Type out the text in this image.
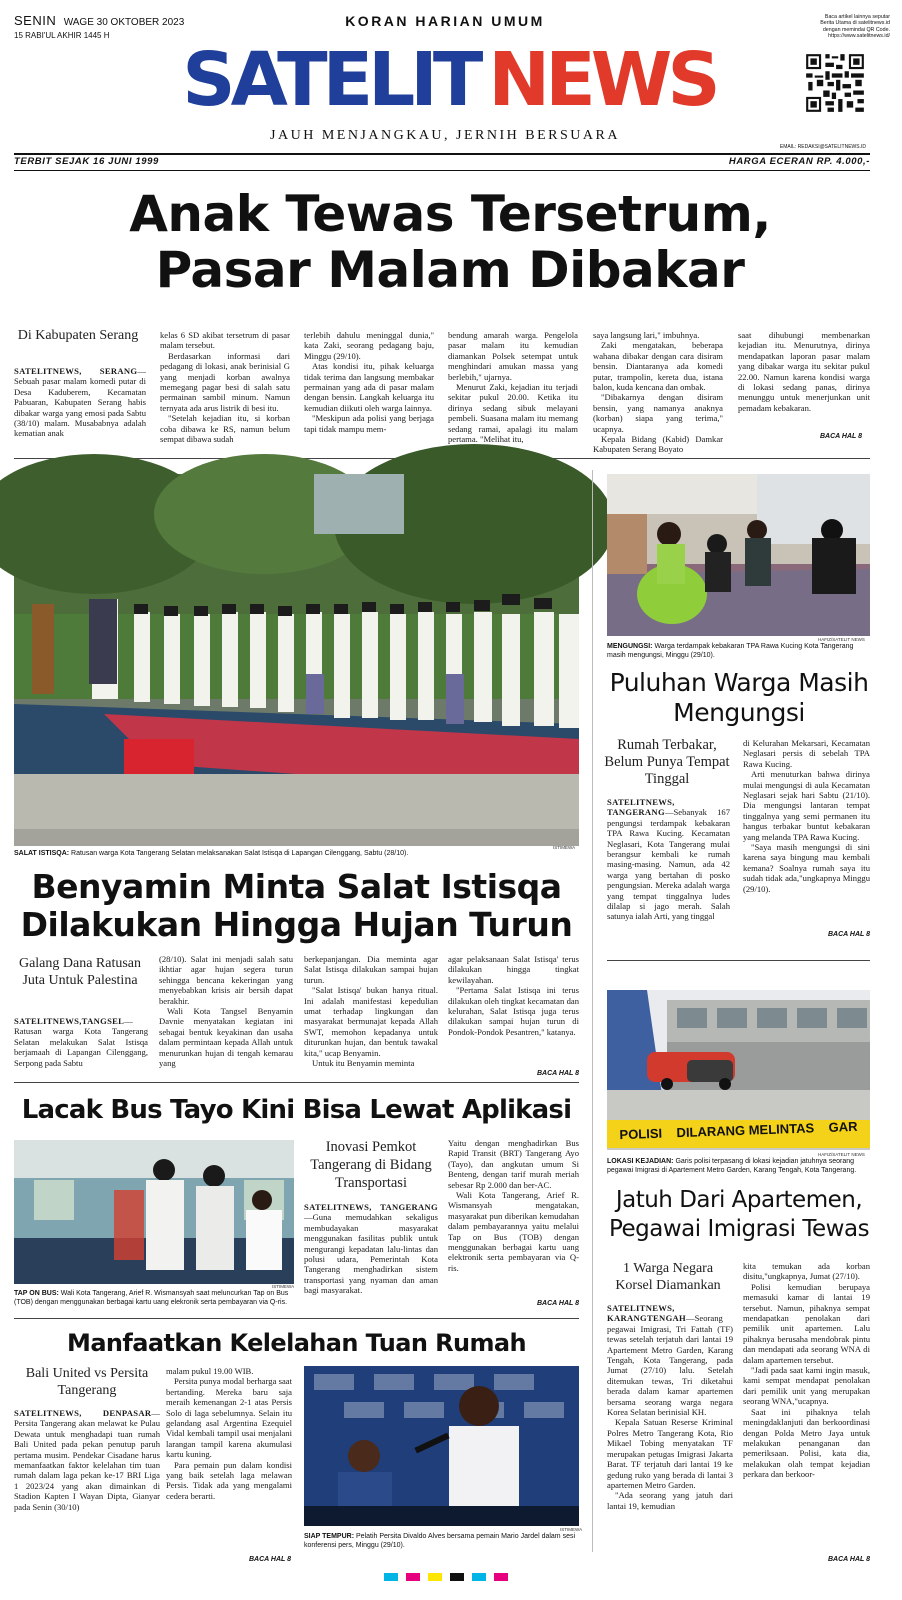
SENIN WAGE 30 OKTOBER 2023
15 RABI'UL AKHIR 1445 H
KORAN HARIAN UMUM
SATELIT NEWS
JAUH MENJANGKAU, JERNIH BERSUARA
Baca artikel lainnya seputar
Berita Utama di satelitnews.id
dengan memindai QR Code.
https://www.satelitnews.id/
EMAIL: REDAKSI@SATELITNEWS.ID
TERBIT SEJAK 16 JUNI 1999	HARGA ECERAN RP. 4.000,-
Anak Tewas Tersetrum,
Pasar Malam Dibakar
Di Kabupaten Serang

SATELITNEWS, SERANG—Sebuah pasar malam komedi putar di Desa Kaduberem, Kecamatan Pabuaran, Kabupaten Serang habis dibakar warga yang emosi pada Sabtu (38/10) malam. Musababnya adalah kematian anak

kelas 6 SD akibat tersetrum di pasar malam tersebut.

Berdasarkan informasi dari pedagang di lokasi, anak berinisial G yang menjadi korban awalnya memegang pagar besi di salah satu permainan sambil minum. Namun ternyata ada arus listrik di besi itu.

"Setelah kejadian itu, si korban coba dibawa ke RS, namun belum sempat dibawa sudah

terlebih dahulu meninggal dunia," kata Zaki, seorang pedagang baju, Minggu (29/10).

Atas kondisi itu, pihak keluarga tidak terima dan langsung membakar permainan yang ada di pasar malam dengan bensin. Langkah keluarga itu kemudian diikuti oleh warga lainnya.

"Meskipun ada polisi yang berjaga tapi tidak mampu mem-

bendung amarah warga. Pengelola pasar malam itu kemudian diamankan Polsek setempat untuk menghindari amukan massa yang berlebih," ujarnya.

Menurut Zaki, kejadian itu terjadi sekitar pukul 20.00. Ketika itu dirinya sedang sibuk melayani pembeli. Suasana malam itu memang sedang ramai, apalagi itu malam pertama. "Melihat itu,

saya langsung lari," imbuhnya.

Zaki mengatakan, beberapa wahana dibakar dengan cara disiram bensin. Diantaranya ada komedi putar, trampolin, kereta dua, istana balon, kuda kencana dan ombak.

"Dibakarnya dengan disiram bensin, yang namanya anaknya (korban) siapa yang terima," ucapnya.

Kepala Bidang (Kabid) Damkar Kabupaten Serang Boyato

saat dihubungi membenarkan kejadian itu. Menurutnya, dirinya mendapatkan laporan pasar malam yang dibakar warga itu sekitar pukul 22.00. Namun karena kondisi warga di lokasi sedang panas, dirinya menunggu untuk menerjunkan unit pemadam kebakaran.

BACA HAL 8
SALAT ISTISQA: Ratusan warga Kota Tangerang Selatan melaksanakan Salat Istisqa di Lapangan Cilenggang, Sabtu (28/10).
ISTIMEWA
Benyamin Minta Salat Istisqa
Dilakukan Hingga Hujan Turun
Galang Dana Ratusan Juta Untuk Palestina

SATELITNEWS,TANGSEL—Ratusan warga Kota Tangerang Selatan melakukan Salat Istisqa berjamaah di Lapangan Cilenggang, Serpong pada Sabtu

(28/10). Salat ini menjadi salah satu ikhtiar agar hujan segera turun sehingga bencana kekeringan yang menyebabkan krisis air bersih dapat berakhir.

Wali Kota Tangsel Benyamin Davnie menyatakan kegiatan ini sebagai bentuk keyakinan dan usaha dalam permintaan kepada Allah untuk menurunkan hujan di tengah kemarau yang

berkepanjangan. Dia meminta agar Salat Istisqa dilakukan sampai hujan turun.

"Salat Istisqa' bukan hanya ritual. Ini adalah manifestasi kepedulian umat terhadap lingkungan dan masyarakat bermunajat kepada Allah SWT, memohon kepadanya untuk diturunkan hujan, dan bentuk tawakal kita," ucap Benyamin.

Untuk itu Benyamin meminta

agar pelaksanaan Salat Istisqa' terus dilakukan hingga tingkat kewilayahan.

"Pertama Salat Istisqa ini terus dilakukan oleh tingkat kecamatan dan kelurahan, Salat Istisqa juga terus dilakukan sampai hujan turun di Pondok-Pondok Pesantren," katanya.

BACA HAL 8
HAFIZ/SATELIT NEWS
MENGUNGSI: Warga terdampak kebakaran TPA Rawa Kucing Kota Tangerang masih mengungsi, Minggu (29/10).
Puluhan Warga Masih
Mengungsi
Rumah Terbakar, Belum Punya Tempat Tinggal

SATELITNEWS, TANGERANG—Sebanyak 167 pengungsi terdampak kebakaran TPA Rawa Kucing. Kecamatan Neglasari, Kota Tangerang mulai berangsur kembali ke rumah masing-masing. Namun, ada 42 warga yang bertahan di posko pengungsian. Mereka adalah warga yang tempat tinggalnya ludes dilalap si jago merah. Salah satunya ialah Arti, yang tinggal

di Kelurahan Mekarsari, Kecamatan Neglasari persis di sebelah TPA Rawa Kucing.

Arti menuturkan bahwa dirinya mulai mengungsi di aula Kecamatan Neglasari sejak hari Sabtu (21/10). Dia mengungsi lantaran tempat tinggalnya yang semi permanen itu hangus terbakar buntut kebakaran yang melanda TPA Rawa Kucing.

"Saya masih mengungsi di sini karena saya bingung mau kembali kemana? Soalnya rumah saya itu sudah tidak ada,"ungkapnya Minggu (29/10).

BACA HAL 8
POLISI    DILARANG MELINTAS    GAR
HAFIZ/SATELIT NEWS
LOKASI KEJADIAN: Garis polisi terpasang di lokasi kejadian jatuhnya seorang pegawai Imigrasi di Apartement Metro Garden, Karang Tengah, Kota Tangerang.
Jatuh Dari Apartemen,
Pegawai Imigrasi Tewas
1 Warga Negara Korsel Diamankan

SATELITNEWS, KARANGTENGAH—Seorang pegawai Imigrasi, Tri Fattah (TF) tewas setelah terjatuh dari lantai 19 Apartement Metro Garden, Karang Tengah, Kota Tangerang, pada Jumat (27/10) lalu. Setelah ditemukan tewas, Tri diketahui berada dalam kamar apartemen bersama seorang warga negara Korea Selatan berinisial KH.

Kepala Satuan Reserse Kriminal Polres Metro Tangerang Kota, Rio Mikael Tobing menyatakan TF merupakan petugas Imigrasi Jakarta Barat. TF terjatuh dari lantai 19 ke gedung ruko yang berada di lantai 3 apartemen Metro Garden.

"Ada seorang yang jatuh dari lantai 19, kemudian

kita temukan ada korban disitu,"ungkapnya, Jumat (27/10).

Polisi kemudian berupaya memasuki kamar di lantai 19 tersebut. Namun, pihaknya sempat mendapatkan penolakan dari pemilik unit apartemen. Lalu pihaknya berusaha mendobrak pintu dan mendapati ada seorang WNA di dalam apartemen tersebut.

"Jadi pada saat kami ingin masuk, kami sempat mendapat penolakan dari pemilik unit yang merupakan seorang WNA,"ucapnya.

Saat ini pihaknya telah meningdaklanjuti dan berkoordinasi dengan Polda Metro Jaya untuk melakukan penanganan dan pemeriksaan. Polisi, kata dia, melakukan olah tempat kejadian perkara dan berkoor-

BACA HAL 8
Lacak Bus Tayo Kini Bisa Lewat Aplikasi
ISTIMEWA
TAP ON BUS: Wali Kota Tangerang, Arief R. Wismansyah saat meluncurkan Tap on Bus (TOB) dengan menggunakan berbagai kartu uang elekronik serta pembayaran via Q-ris.
Inovasi Pemkot Tangerang di Bidang Transportasi

SATELITNEWS, TANGERANG—Guna memudahkan sekaligus membudayakan masyarakat menggunakan fasilitas publik untuk mengurangi kepadatan lalu-lintas dan polusi udara, Pemerintah Kota Tangerang menghadirkan sistem transportasi yang nyaman dan aman bagi masyarakat.

Yaitu dengan menghadirkan Bus Rapid Transit (BRT) Tangerang Ayo (Tayo), dan angkutan umum Si Benteng, dengan tarif murah meriah sebesar Rp 2.000 dan ber-AC.

Wali Kota Tangerang, Arief R. Wismansyah mengatakan, masyarakat pun diberikan kemudahan dalam pembayarannya yaitu melalui Tap on Bus (TOB) dengan menggunakan berbagai kartu uang elektronik serta pembayaran via Q-ris.

BACA HAL 8
Manfaatkan Kelelahan Tuan Rumah
Bali United vs Persita Tangerang

SATELITNEWS, DENPASAR—Persita Tangerang akan melawat ke Pulau Dewata untuk menghadapi tuan rumah Bali United pada pekan penutup paruh pertama musim. Pendekar Cisadane harus memanfaatkan faktor kelelahan tim tuan rumah dalam laga pekan ke-17 BRI Liga 1 2023/24 yang akan dimainkan di Stadion Kapten I Wayan Dipta, Gianyar pada Senin (30/10)

malam pukul 19.00 WIB.

Persita punya modal berharga saat bertanding. Mereka baru saja meraih kemenangan 2-1 atas Persis Solo di laga sebelumnya. Selain itu gelandang asal Argentina Ezequiel Vidal kembali tampil usai menjalani larangan tampil karena akumulasi kartu kuning.

Para pemain pun dalam kondisi yang baik setelah laga melawan Persis. Tidak ada yang mengalami cedera berarti.

BACA HAL 8
ISTIMEWA
SIAP TEMPUR: Pelatih Persita Divaldo Alves bersama pemain Mario Jardel dalam sesi konferensi pers, Minggu (29/10).
